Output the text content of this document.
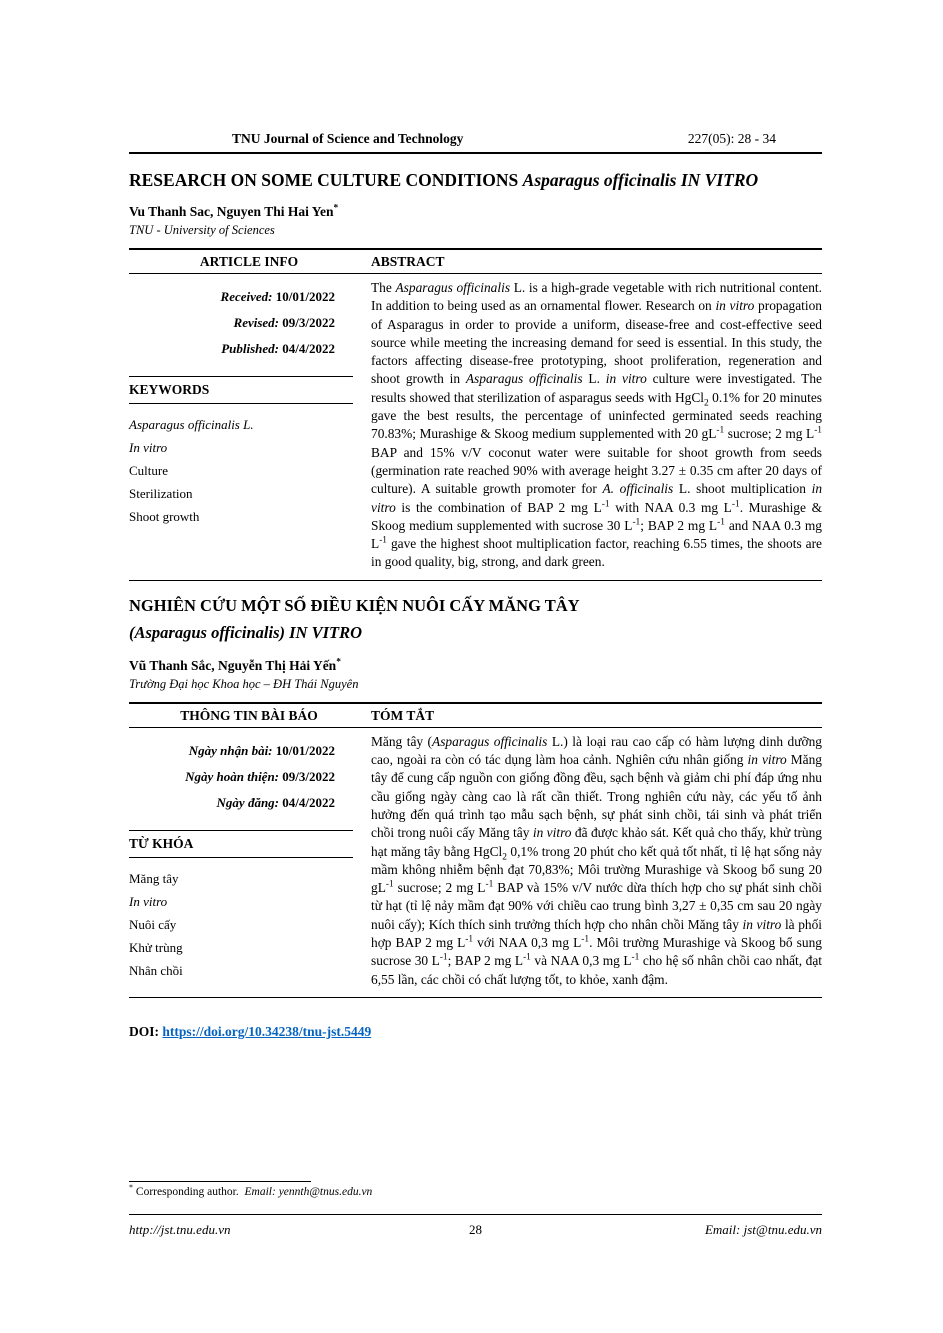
TNU Journal of Science and Technology	227(05): 28 - 34
RESEARCH ON SOME CULTURE CONDITIONS Asparagus officinalis IN VITRO
Vu Thanh Sac, Nguyen Thi Hai Yen*
TNU - University of Sciences
ARTICLE INFO	ABSTRACT
Received: 10/01/2022
Revised: 09/3/2022
Published: 04/4/2022
KEYWORDS
Asparagus officinalis L.
In vitro
Culture
Sterilization
Shoot growth

The Asparagus officinalis L. is a high-grade vegetable with rich nutritional content. In addition to being used as an ornamental flower. Research on in vitro propagation of Asparagus in order to provide a uniform, disease-free and cost-effective seed source while meeting the increasing demand for seed is essential. In this study, the factors affecting disease-free prototyping, shoot proliferation, regeneration and shoot growth in Asparagus officinalis L. in vitro culture were investigated. The results showed that sterilization of asparagus seeds with HgCl$_2$ 0.1% for 20 minutes gave the best results, the percentage of uninfected germinated seeds reaching 70.83%; Murashige & Skoog medium supplemented with 20 $gL^{-1}$ sucrose; 2 mg $L^{-1}$ BAP and 15% v/V coconut water were suitable for shoot growth from seeds (germination rate reached 90% with average height 3.27 ± 0.35 cm after 20 days of culture). A suitable growth promoter for A. officinalis L. shoot multiplication in vitro is the combination of BAP 2 mg $L^{-1}$ with NAA 0.3 mg $L^{-1}$. Murashige & Skoog medium supplemented with sucrose 30 $L^{-1}$; BAP 2 mg $L^{-1}$ and NAA 0.3 mg $L^{-1}$ gave the highest shoot multiplication factor, reaching 6.55 times, the shoots are in good quality, big, strong, and dark green.

NGHIÊN CỨU MỘT SỐ ĐIỀU KIỆN NUÔI CẤY MĂNG TÂY
(Asparagus officinalis) IN VITRO
Vũ Thanh Sắc, Nguyễn Thị Hải Yến*
Trường Đại học Khoa học – ĐH Thái Nguyên
THÔNG TIN BÀI BÁO	TÓM TẮT
Ngày nhận bài: 10/01/2022
Ngày hoàn thiện: 09/3/2022
Ngày đăng: 04/4/2022
TỪ KHÓA
Măng tây
In vitro
Nuôi cấy
Khử trùng
Nhân chồi

Măng tây (Asparagus officinalis L.) là loại rau cao cấp có hàm lượng dinh dưỡng cao, ngoài ra còn có tác dụng làm hoa cảnh. Nghiên cứu nhân giống in vitro Măng tây để cung cấp nguồn con giống đồng đều, sạch bệnh và giảm chi phí đáp ứng nhu cầu giống ngày càng cao là rất cần thiết. Trong nghiên cứu này, các yếu tố ảnh hưởng đến quá trình tạo mẫu sạch bệnh, sự phát sinh chồi, tái sinh và phát triển chồi trong nuôi cấy Măng tây in vitro đã được khảo sát. Kết quả cho thấy, khử trùng hạt măng tây bằng HgCl$_2$ 0,1% trong 20 phút cho kết quả tốt nhất, tỉ lệ hạt sống nảy mầm không nhiễm bệnh đạt 70,83%; Môi trường Murashige và Skoog bổ sung 20 $gL^{-1}$ sucrose; 2 mg $L^{-1}$ BAP và 15% v/V nước dừa thích hợp cho sự phát sinh chồi từ hạt (tỉ lệ nảy mầm đạt 90% với chiều cao trung bình 3,27 ± 0,35 cm sau 20 ngày nuôi cấy); Kích thích sinh trưởng thích hợp cho nhân chồi Măng tây in vitro là phối hợp BAP 2 mg $L^{-1}$ với NAA 0,3 mg $L^{-1}$. Môi trường Murashige và Skoog bổ sung sucrose 30 $L^{-1}$; BAP 2 mg $L^{-1}$ và NAA 0,3 mg $L^{-1}$ cho hệ số nhân chồi cao nhất, đạt 6,55 lần, các chồi có chất lượng tốt, to khỏe, xanh đậm.

DOI: https://doi.org/10.34238/tnu-jst.5449
* Corresponding author.  Email: yennth@tnus.edu.vn
http://jst.tnu.edu.vn	28	Email: jst@tnu.edu.vn
